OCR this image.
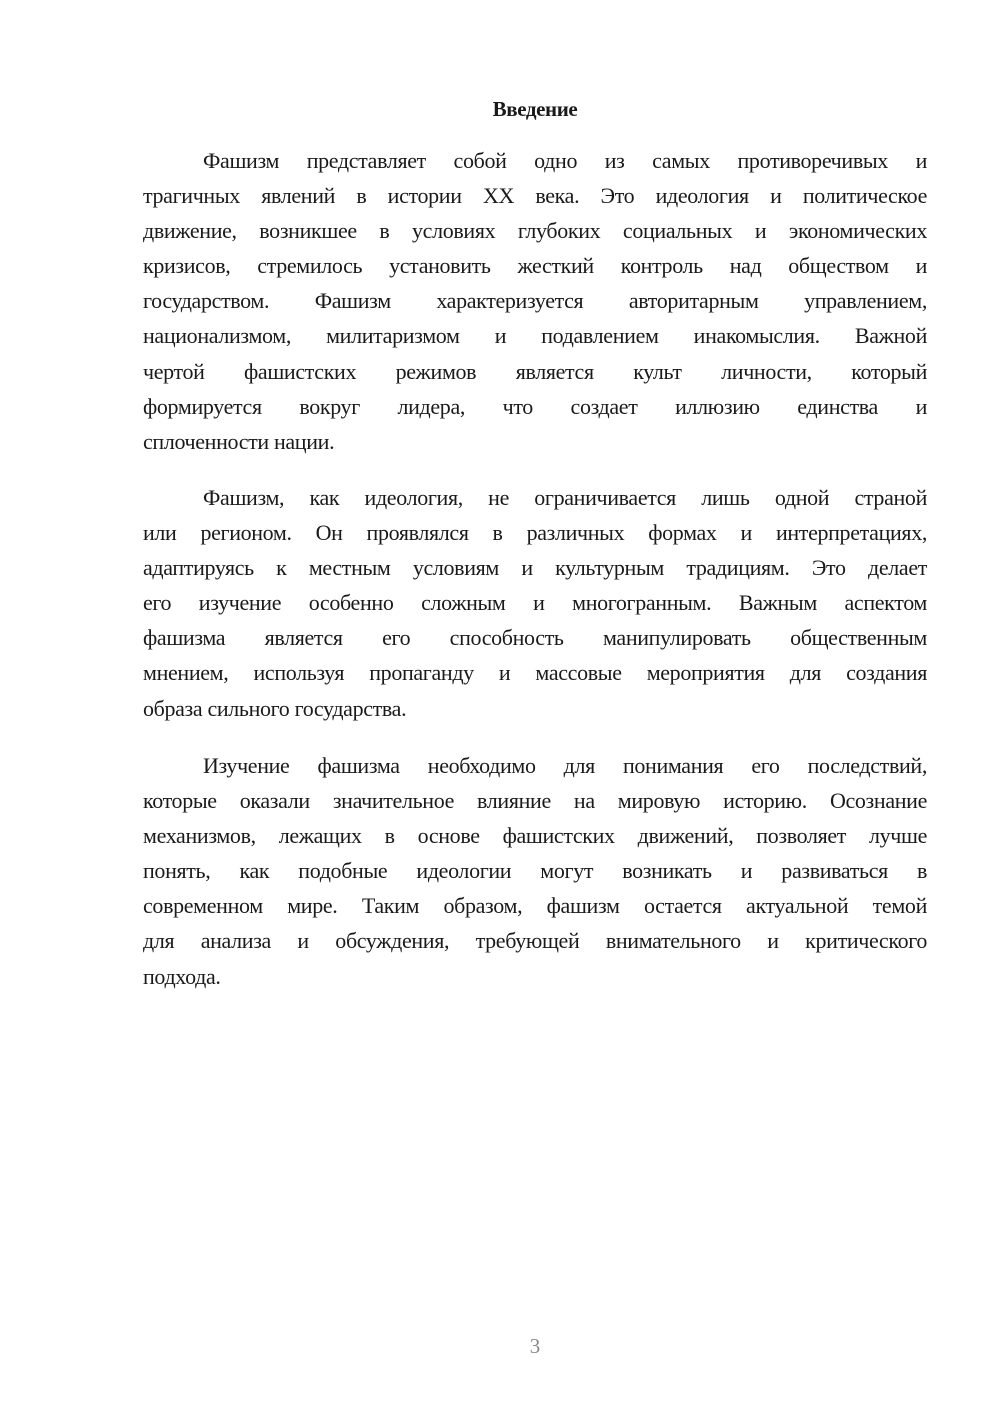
Введение
Фашизм представляет собой одно из самых противоречивых и
трагичных явлений в истории XX века. Это идеология и политическое
движение, возникшее в условиях глубоких социальных и экономических
кризисов, стремилось установить жесткий контроль над обществом и
государством. Фашизм характеризуется авторитарным управлением,
национализмом, милитаризмом и подавлением инакомыслия. Важной
чертой фашистских режимов является культ личности, который
формируется вокруг лидера, что создает иллюзию единства и
сплоченности нации.
Фашизм, как идеология, не ограничивается лишь одной страной
или регионом. Он проявлялся в различных формах и интерпретациях,
адаптируясь к местным условиям и культурным традициям. Это делает
его изучение особенно сложным и многогранным. Важным аспектом
фашизма является его способность манипулировать общественным
мнением, используя пропаганду и массовые мероприятия для создания
образа сильного государства.
Изучение фашизма необходимо для понимания его последствий,
которые оказали значительное влияние на мировую историю. Осознание
механизмов, лежащих в основе фашистских движений, позволяет лучше
понять, как подобные идеологии могут возникать и развиваться в
современном мире. Таким образом, фашизм остается актуальной темой
для анализа и обсуждения, требующей внимательного и критического
подхода.
3
